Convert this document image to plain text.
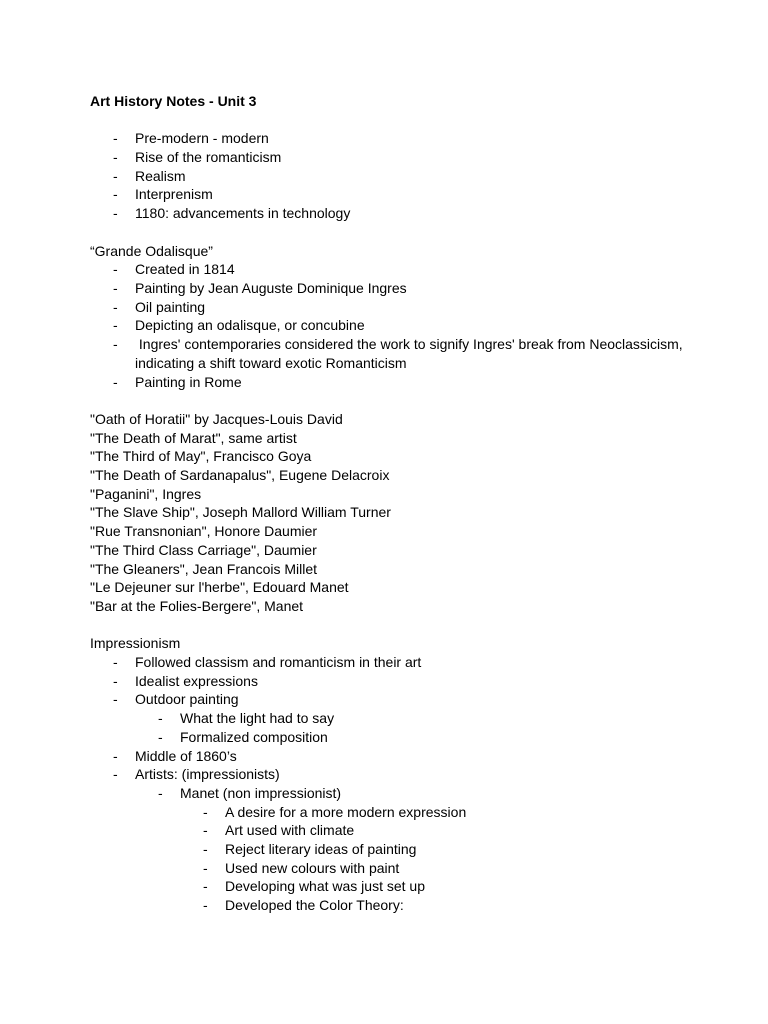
Art History Notes - Unit 3

- Pre-modern - modern
- Rise of the romanticism
- Realism
- Interprenism
- 1180: advancements in technology

“Grande Odalisque”

- Created in 1814
- Painting by Jean Auguste Dominique Ingres
- Oil painting
- Depicting an odalisque, or concubine
- Ingres' contemporaries considered the work to signify Ingres' break from Neoclassicism, indicating a shift toward exotic Romanticism
- Painting in Rome

"Oath of Horatii" by Jacques-Louis David

"The Death of Marat", same artist

"The Third of May", Francisco Goya

"The Death of Sardanapalus", Eugene Delacroix

"Paganini", Ingres

"The Slave Ship", Joseph Mallord William Turner

"Rue Transnonian", Honore Daumier

"The Third Class Carriage", Daumier

"The Gleaners", Jean Francois Millet

"Le Dejeuner sur l'herbe", Edouard Manet

"Bar at the Folies-Bergere", Manet

Impressionism

- Followed classism and romanticism in their art
- Idealist expressions
- Outdoor painting
- What the light had to say
- Formalized composition
- Middle of 1860’s
- Artists: (impressionists)
- Manet (non impressionist)
- A desire for a more modern expression
- Art used with climate
- Reject literary ideas of painting
- Used new colours with paint
- Developing what was just set up
- Developed the Color Theory:
